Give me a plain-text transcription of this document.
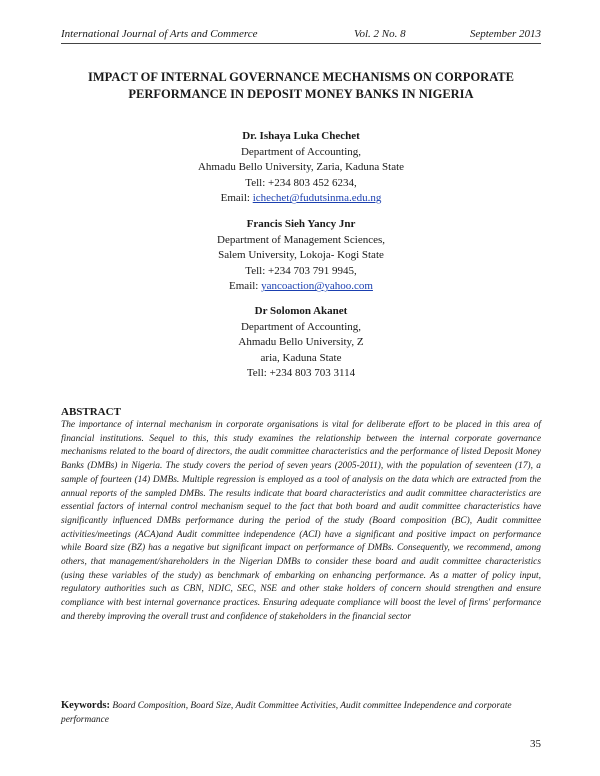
International Journal of Arts and Commerce	Vol. 2 No. 8	September 2013
IMPACT OF INTERNAL GOVERNANCE MECHANISMS ON CORPORATE
PERFORMANCE IN DEPOSIT MONEY BANKS IN NIGERIA
Dr. Ishaya Luka Chechet
Department of Accounting,
Ahmadu Bello University, Zaria, Kaduna State
Tell: +234 803 452 6234,
Email: ichechet@fudutsinma.edu.ng
Francis Sieh Yancy Jnr
Department of Management Sciences,
Salem University, Lokoja- Kogi State
Tell: +234 703 791 9945,
Email: yancoaction@yahoo.com
Dr Solomon Akanet
Department of Accounting,
Ahmadu Bello University, Z
aria, Kaduna State
Tell: +234 803 703 3114
ABSTRACT
The importance of internal mechanism in corporate organisations is vital for deliberate effort to be placed in this area of financial institutions. Sequel to this, this study examines the relationship between the internal corporate governance mechanisms related to the board of directors, the audit committee characteristics and the performance of listed Deposit Money Banks (DMBs) in Nigeria. The study covers the period of seven years (2005-2011), with the population of seventeen (17), a sample of fourteen (14) DMBs. Multiple regression is employed as a tool of analysis on the data which are extracted from the annual reports of the sampled DMBs. The results indicate that board characteristics and audit committee characteristics are essential factors of internal control mechanism sequel to the fact that both board and audit committee characteristics have significantly influenced DMBs performance during the period of the study (Board composition (BC), Audit committee activities/meetings (ACA)and Audit committee independence (ACI) have a significant and positive impact on performance while Board size (BZ) has a negative but significant impact on performance of DMBs. Consequently, we recommend, among others, that management/shareholders in the Nigerian DMBs to consider these board and audit committee characteristics (using these variables of the study) as benchmark of embarking on enhancing performance. As a matter of policy input, regulatory authorities such as CBN, NDIC, SEC, NSE and other stake holders of concern should strengthen and ensure compliance with best internal governance practices. Ensuring adequate compliance will boost the level of firms' performance and thereby improving the overall trust and confidence of stakeholders in the financial sector
Keywords: Board Composition, Board Size, Audit Committee Activities, Audit committee Independence and corporate performance
35
